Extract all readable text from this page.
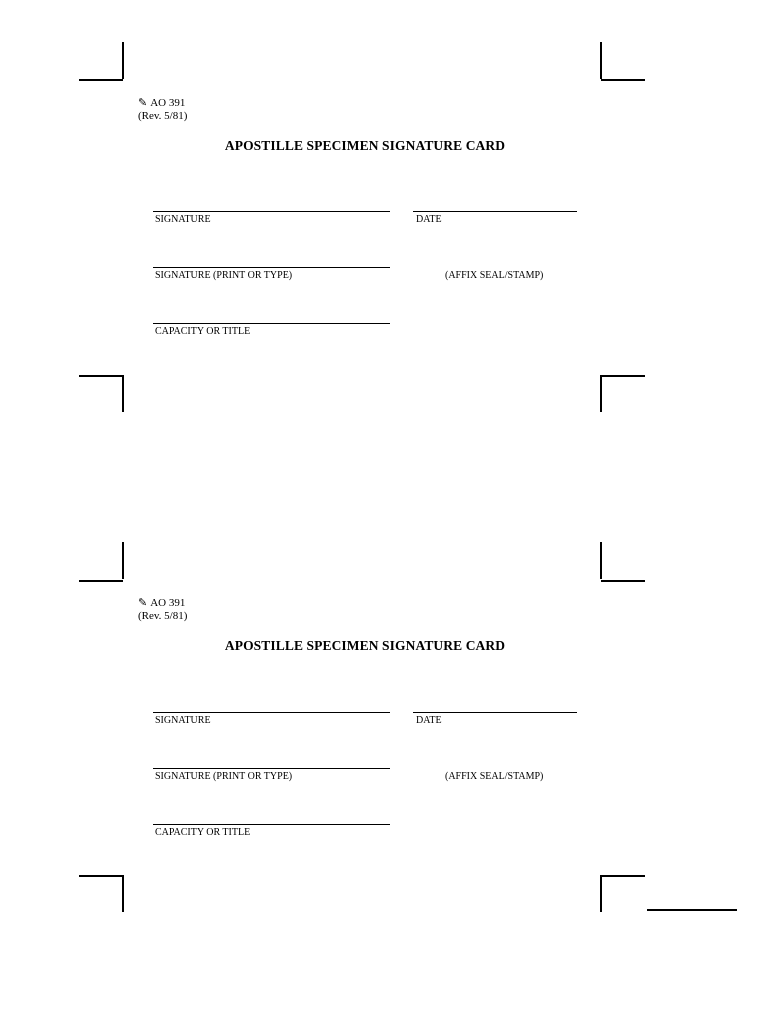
✎ AO 391
(Rev. 5/81)
APOSTILLE SPECIMEN SIGNATURE CARD
SIGNATURE	DATE
SIGNATURE (PRINT OR TYPE)	(AFFIX SEAL/STAMP)
CAPACITY OR TITLE
✎ AO 391
(Rev. 5/81)
APOSTILLE SPECIMEN SIGNATURE CARD
SIGNATURE	DATE
SIGNATURE (PRINT OR TYPE)	(AFFIX SEAL/STAMP)
CAPACITY OR TITLE
